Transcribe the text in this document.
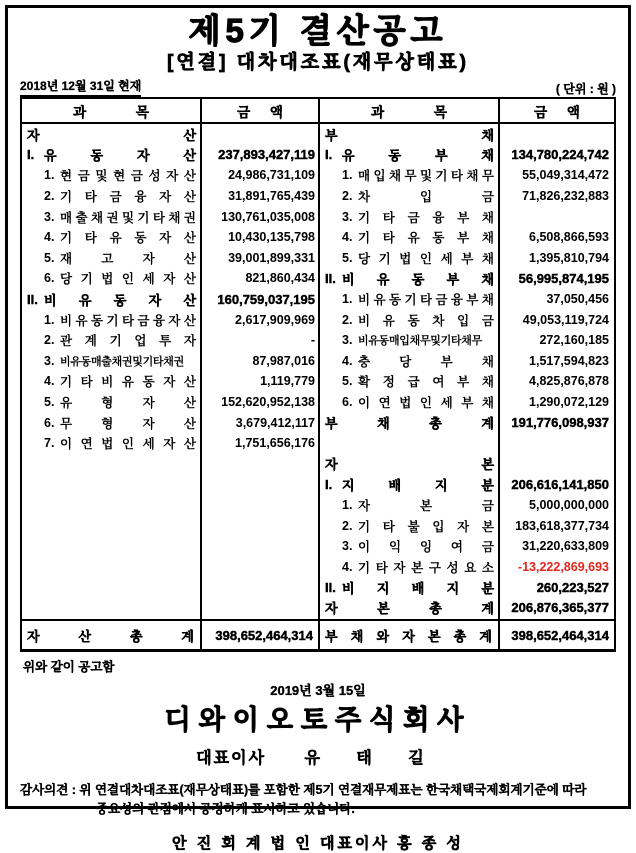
제5기 결산공고
[연결] 대차대조표(재무상태표)
2018년 12월 31일 현재	( 단위 : 원 )
과 목	금 액	과 목	금 액
자	산
I. 유	동	자	산	237,893,427,119
1. 현 금 및 현 금 성 자 산	24,986,731,109
2. 기 타 금 융 자 산	31,891,765,439
3. 매 출 채 권 및 기 타 채 권	130,761,035,008
4. 기 타 유 동 자 산	10,430,135,798
5. 재 고 자 산	39,001,899,331
6. 당 기 법 인 세 자 산	821,860,434
II. 비 유 동 자 산	160,759,037,195
1. 비 유 동 기 타 금 융 자 산	2,617,909,969
2. 관 계 기 업 투 자	-
3. 비유동매출채권및기타채권	87,987,016
4. 기 타 비 유 동 자 산	1,119,779
5. 유 형 자 산	152,620,952,138
6. 무 형 자 산	3,679,412,117
7. 이 연 법 인 세 자 산	1,751,656,176
부	채
I. 유	동	부	채	134,780,224,742
1. 매 입 채 무 및 기 타 채 무	55,049,314,472
2. 차	입	금	71,826,232,883
3. 기 타 금 융 부 채
4. 기 타 유 동 부 채	6,508,866,593
5. 당 기 법 인 세 부 채	1,395,810,794
II. 비 유 동 부 채	56,995,874,195
1. 비 유 동 기 타 금 융 부 채	37,050,456
2. 비 유 동 차 입 금	49,053,119,724
3. 비유동매입채무및기타채무	272,160,185
4. 충 당 부 채	1,517,594,823
5. 확 정 급 여 부 채	4,825,876,878
6. 이 연 법 인 세 부 채	1,290,072,129
부	채	총	계	191,776,098,937
자	본
I. 지	배	지	분	206,616,141,850
1. 자	본	금	5,000,000,000
2. 기 타 불 입 자 본	183,618,377,734
3. 이 익 잉 여 금	31,220,633,809
4. 기 타 자 본 구 성 요 소	-13,222,869,693
II. 비 지 배 지 분	260,223,527
자	본	총	계	206,876,365,377
자	산	총	계	398,652,464,314 부 채 와 자 본 총 계	398,652,464,314
위와 같이 공고함
2019년 3월 15일
디와이오토주식회사
대표이사 유 태 길
감사의견 : 위 연결대차대조표(재무상태표)를 포함한 제5기 연결재무제표는 한국채택국제회계기준에 따라
중요성의 관점에서 공정하게 표시하고 있습니다.
안 진 회 계 법 인 대표이사 홍 종 성
